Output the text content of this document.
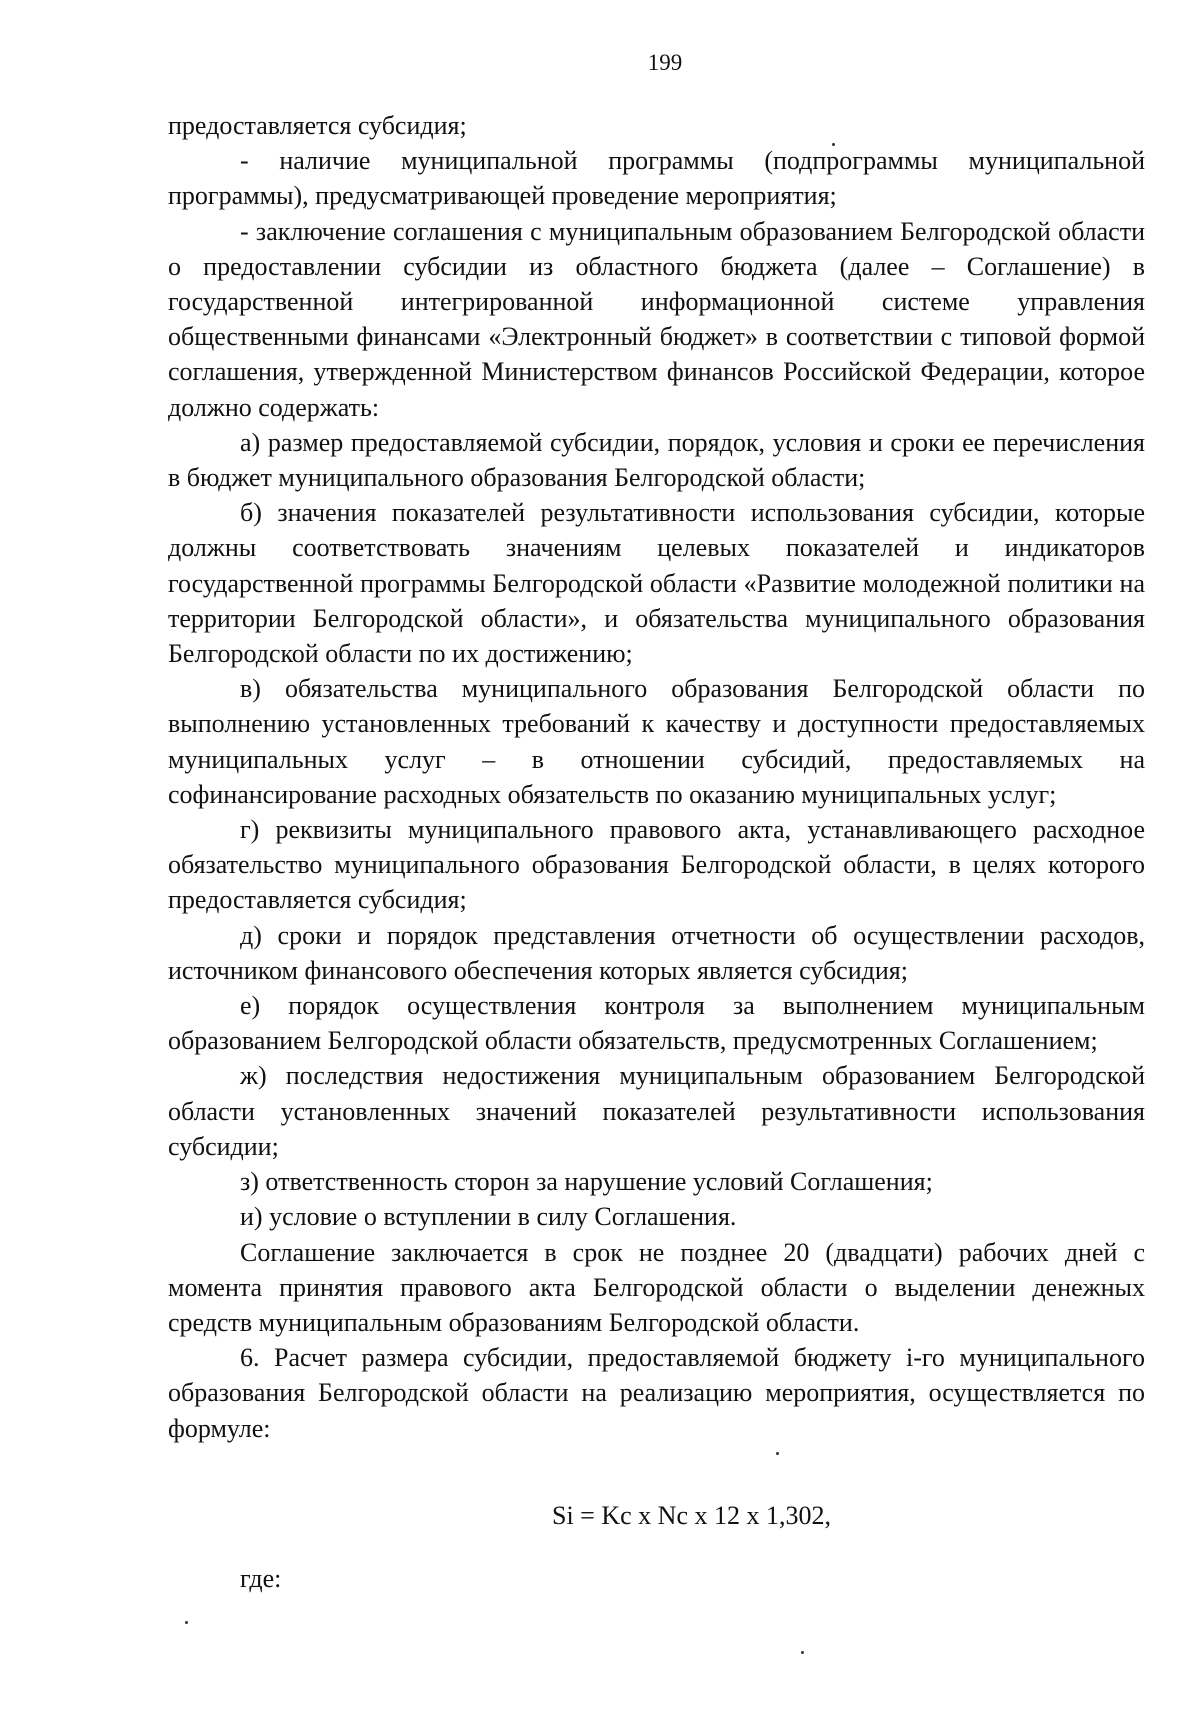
199

предоставляется субсидия;

- наличие муниципальной программы (подпрограммы муниципальной программы), предусматривающей проведение мероприятия;

- заключение соглашения с муниципальным образованием Белгородской области о предоставлении субсидии из областного бюджета (далее – Соглашение) в государственной интегрированной информационной системе управления общественными финансами «Электронный бюджет» в соответствии с типовой формой соглашения, утвержденной Министерством финансов Российской Федерации, которое должно содержать:

а) размер предоставляемой субсидии, порядок, условия и сроки ее перечисления в бюджет муниципального образования Белгородской области;

б) значения показателей результативности использования субсидии, которые должны соответствовать значениям целевых показателей и индикаторов государственной программы Белгородской области «Развитие молодежной политики на территории Белгородской области», и обязательства муниципального образования Белгородской области по их достижению;

в) обязательства муниципального образования Белгородской области по выполнению установленных требований к качеству и доступности предоставляемых муниципальных услуг – в отношении субсидий, предоставляемых на софинансирование расходных обязательств по оказанию муниципальных услуг;

г) реквизиты муниципального правового акта, устанавливающего расходное обязательство муниципального образования Белгородской области, в целях которого предоставляется субсидия;

д) сроки и порядок представления отчетности об осуществлении расходов, источником финансового обеспечения которых является субсидия;

е) порядок осуществления контроля за выполнением муниципальным образованием Белгородской области обязательств, предусмотренных Соглашением;

ж) последствия недостижения муниципальным образованием Белгородской области установленных значений показателей результативности использования субсидии;

з) ответственность сторон за нарушение условий Соглашения;

и) условие о вступлении в силу Соглашения.

Соглашение заключается в срок не позднее 20 (двадцати) рабочих дней с момента принятия правового акта Белгородской области о выделении денежных средств муниципальным образованиям Белгородской области.

6. Расчет размера субсидии, предоставляемой бюджету i-го муниципального образования Белгородской области на реализацию мероприятия, осуществляется по формуле:

Si = Kc x Nc x 12 x 1,302,
где:
